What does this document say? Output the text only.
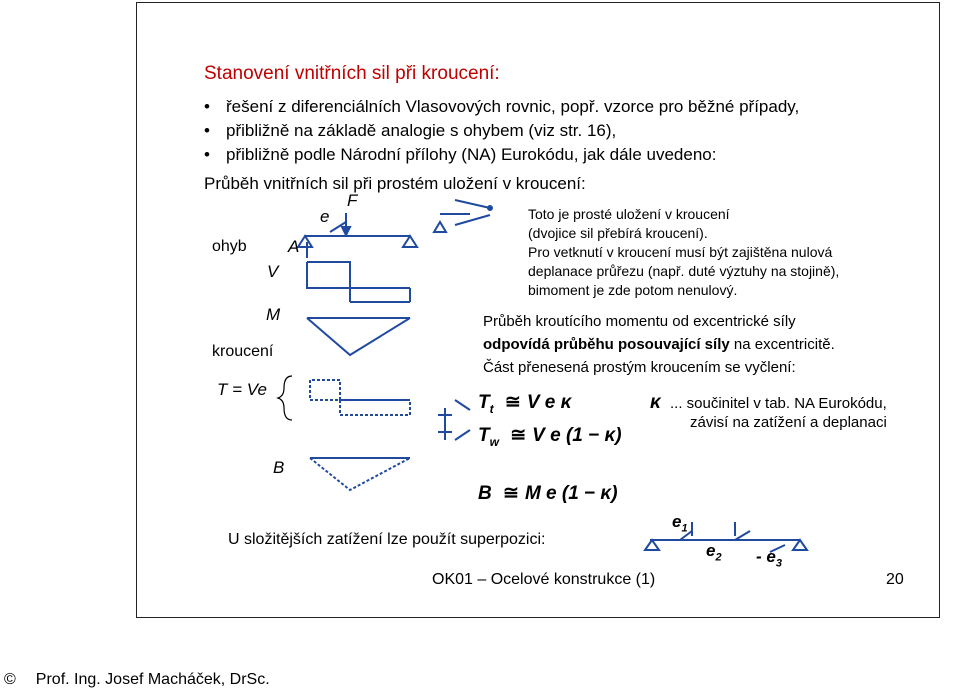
Stanovení vnitřních sil při kroucení:
• řešení z diferenciálních Vlasovových rovnic, popř. vzorce pro běžné případy,
• přibližně na základě analogie s ohybem (viz str. 16),
• přibližně podle Národní přílohy (NA) Eurokódu, jak dále uvedeno:
Průběh vnitřních sil při prostém uložení v kroucení:
e
F
A
ohyb
V
M
kroucení
T = Ve
B
Toto je prosté uložení v kroucení
(dvojice sil přebírá kroucení).
Pro vetknutí v kroucení musí být zajištěna nulová
deplanace průřezu (např. duté výztuhy na stojině),
bimoment je zde potom nenulový.
Průběh kroutícího momentu od excentrické síly
odpovídá průběhu posouvající síly na excentricitě.
Část přenesená prostým kroucením se vyčlení:
$T_t$ ≅ V e κ
$T_w$ ≅ V e (1 − κ)
B ≅ M e (1 − κ)
κ ... součinitel v tab. NA Eurokódu,
závisí na zatížení a deplanaci
U složitějších zatížení lze použít superpozici:
$e_1$
$e_2 - e_3$
OK01 – Ocelové konstrukce (1)	20
© Prof. Ing. Josef Macháček, DrSc.
